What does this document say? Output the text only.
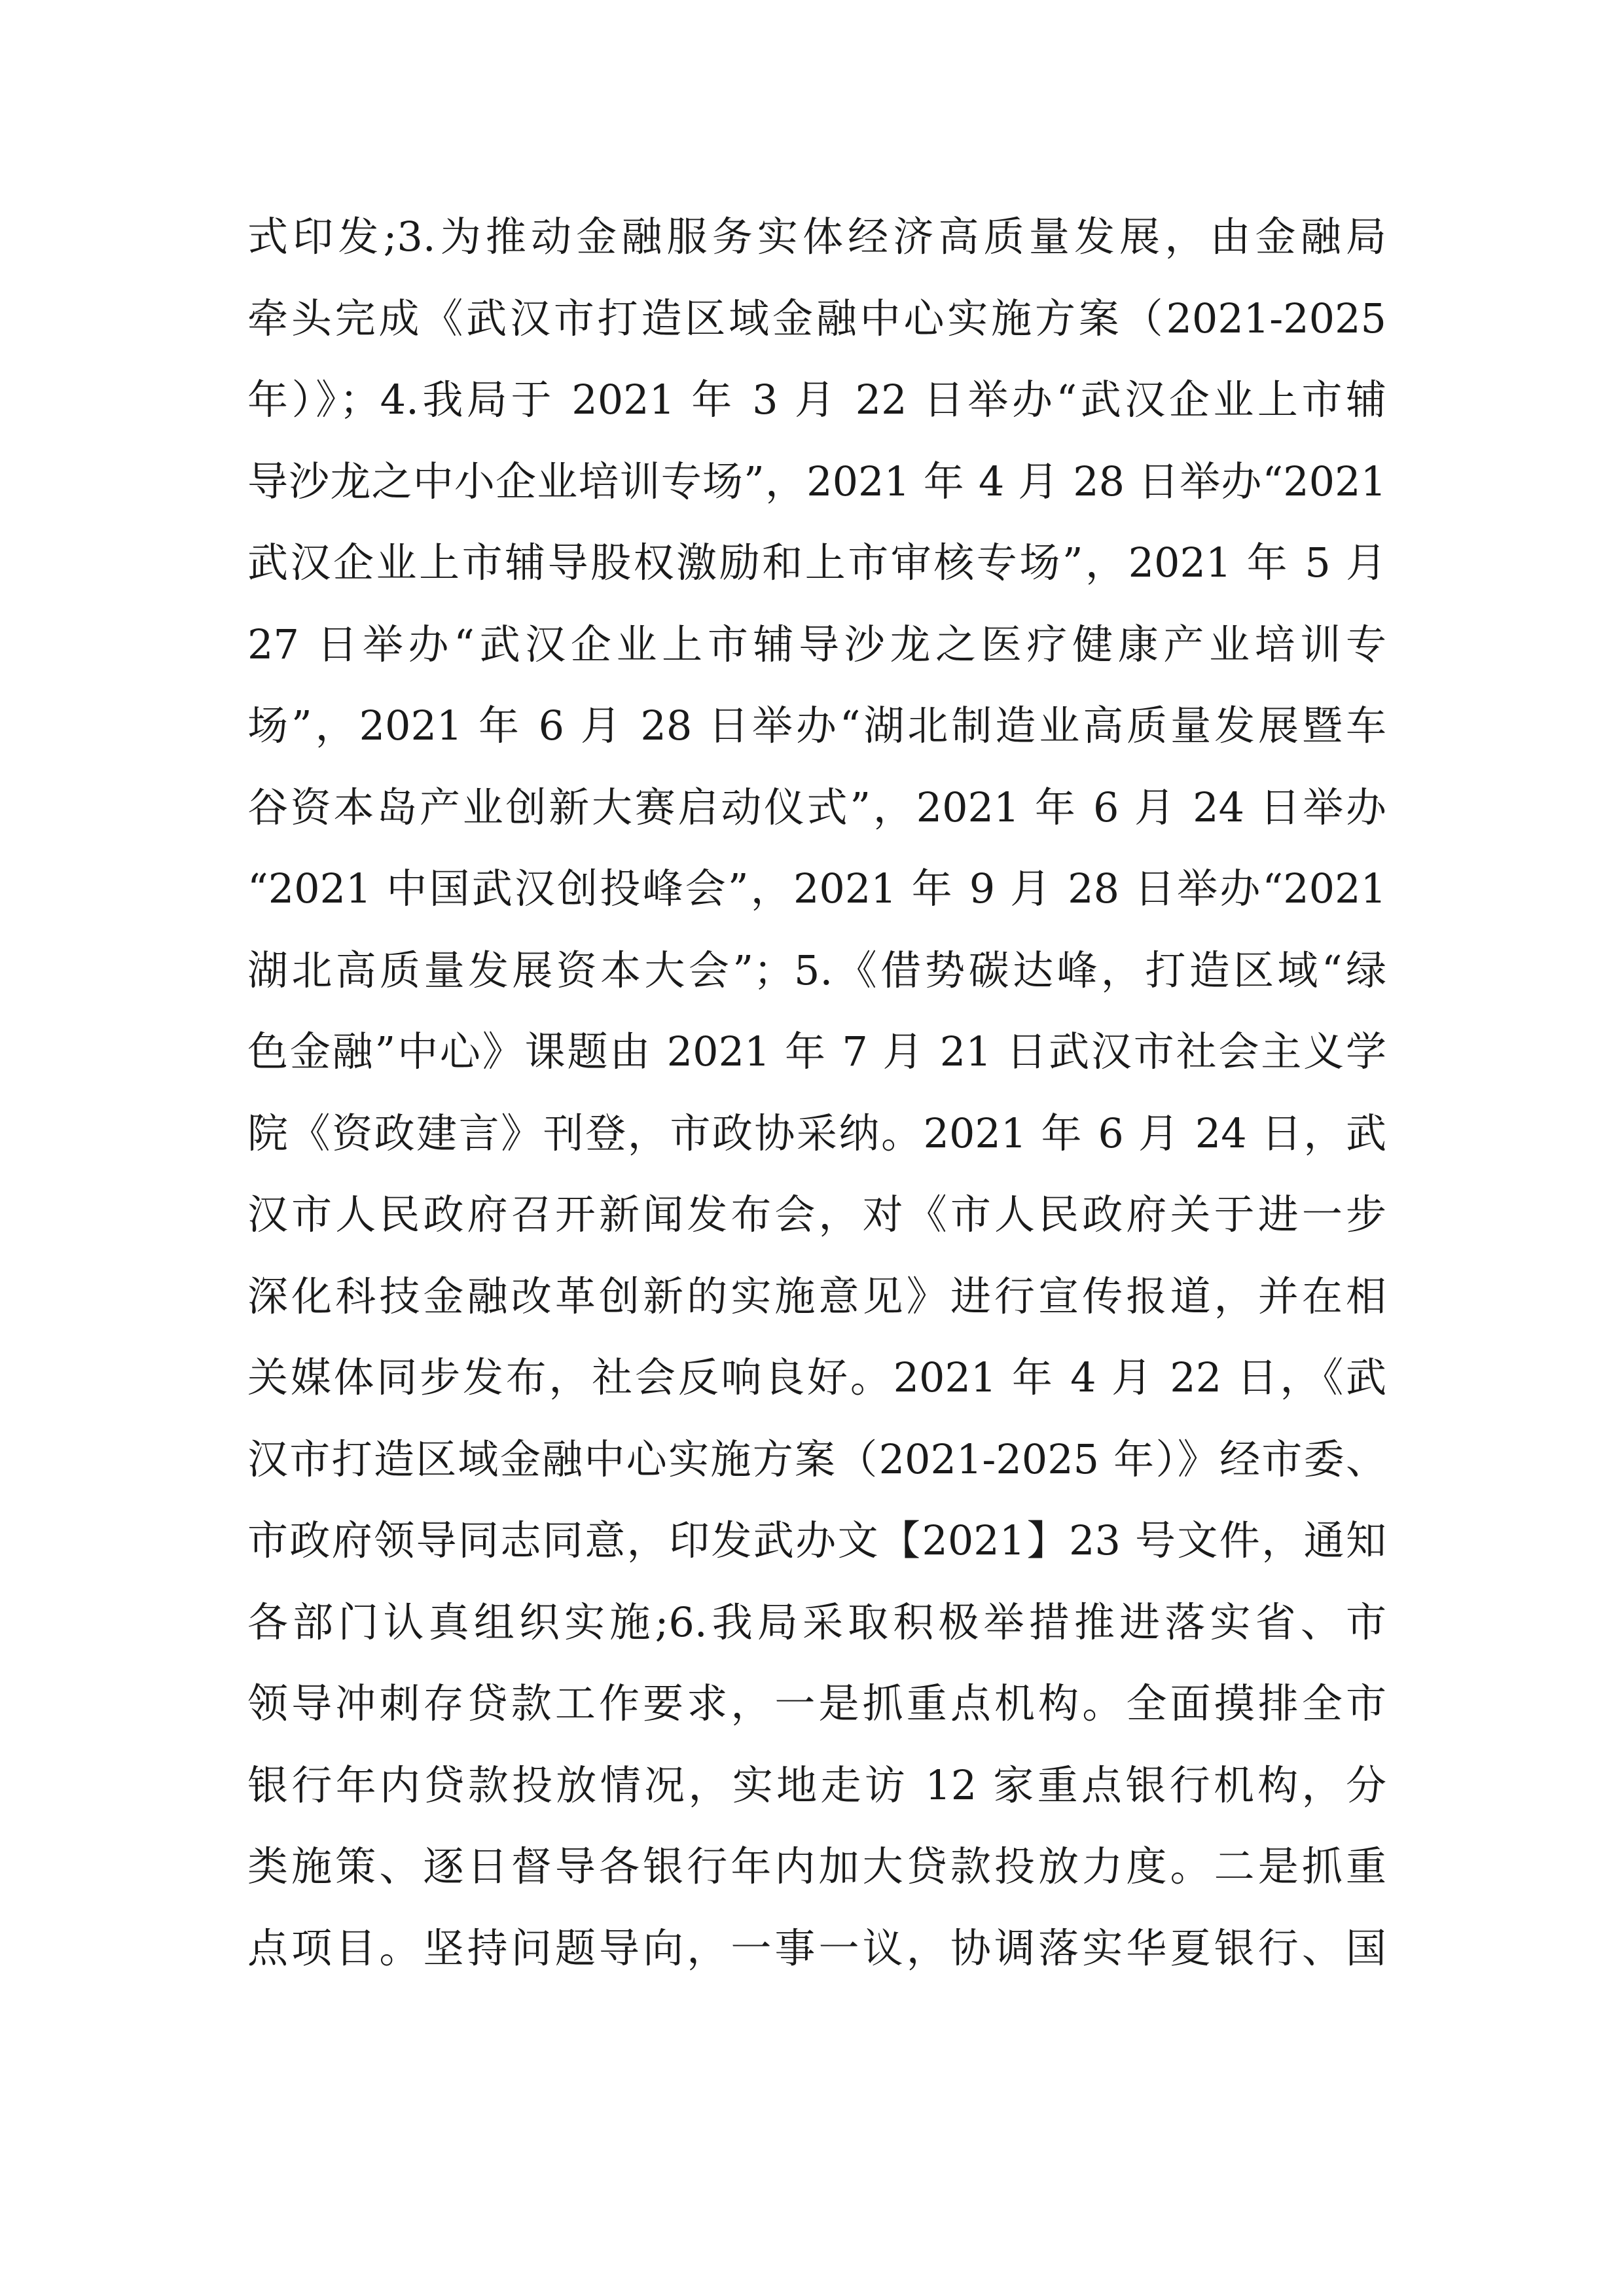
式印发;3.为推动金融服务实体经济高质量发展，由金融局
牵头完成《武汉市打造区域金融中心实施方案（2021-2025
年）》；4.我局于 2021 年 3 月 22 日举办“武汉企业上市辅
导沙龙之中小企业培训专场”，2021 年 4 月 28 日举办“2021
武汉企业上市辅导股权激励和上市审核专场”，2021 年 5 月
27 日举办“武汉企业上市辅导沙龙之医疗健康产业培训专
场”，2021 年 6 月 28 日举办“湖北制造业高质量发展暨车
谷资本岛产业创新大赛启动仪式”，2021 年 6 月 24 日举办
“2021 中国武汉创投峰会”，2021 年 9 月 28 日举办“2021
湖北高质量发展资本大会”；5.《借势碳达峰，打造区域“绿
色金融”中心》课题由 2021 年 7 月 21 日武汉市社会主义学
院《资政建言》刊登，市政协采纳。2021 年 6 月 24 日，武
汉市人民政府召开新闻发布会，对《市人民政府关于进一步
深化科技金融改革创新的实施意见》进行宣传报道，并在相
关媒体同步发布，社会反响良好。2021 年 4 月 22 日，《武
汉市打造区域金融中心实施方案（2021-2025 年）》经市委、
市政府领导同志同意，印发武办文【2021】23 号文件，通知
各部门认真组织实施;6.我局采取积极举措推进落实省、市
领导冲刺存贷款工作要求，一是抓重点机构。全面摸排全市
银行年内贷款投放情况，实地走访 12 家重点银行机构，分
类施策、逐日督导各银行年内加大贷款投放力度。二是抓重
点项目。坚持问题导向，一事一议，协调落实华夏银行、国
